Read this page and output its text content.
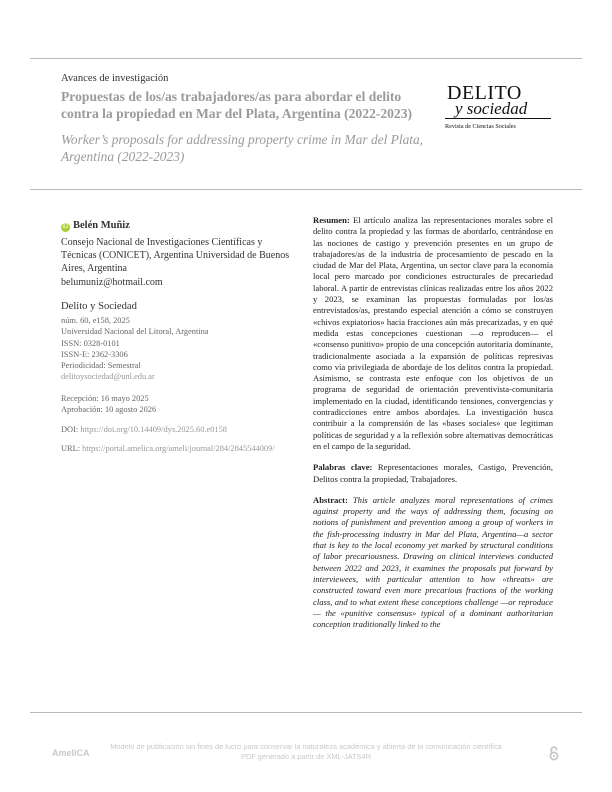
Avances de investigación
Propuestas de los/as trabajadores/as para abordar el delito contra la propiedad en Mar del Plata, Argentina (2022-2023)
Worker’s proposals for addressing property crime in Mar del Plata, Argentina (2022-2023)
DELITO
y sociedad
Revista de Ciencias Sociales
iD Belén Muñiz
Consejo Nacional de Investigaciones Científicas y Técnicas (CONICET), Argentina Universidad de Buenos Aires, Argentina
belumuniz@hotmail.com
Delito y Sociedad
núm. 60, e158, 2025
Universidad Nacional del Litoral, Argentina
ISSN: 0328-0101
ISSN-E: 2362-3306
Periodicidad: Semestral
delitoysociedad@unl.edu.ar
Recepción: 16 mayo 2025
Aprobación: 10 agosto 2026
DOI: https://doi.org/10.14409/dys.2025.60.e0158
URL: https://portal.amelica.org/ameli/journal/284/2845544009/

Resumen: El artículo analiza las representaciones morales sobre el delito contra la propiedad y las formas de abordarlo, centrándose en las nociones de castigo y prevención presentes en un grupo de trabajadores/as de la industria de procesamiento de pescado en la ciudad de Mar del Plata, Argentina, un sector clave para la economía local pero marcado por condiciones estructurales de precariedad laboral. A partir de entrevistas clínicas realizadas entre los años 2022 y 2023, se examinan las propuestas formuladas por los/as entrevistados/as, prestando especial atención a cómo se construyen «chivos expiatorios» hacia fracciones aún más precarizadas, y en qué medida estas concepciones cuestionan —o reproducen— el «consenso punitivo» propio de una concepción autoritaria dominante, tradicionalmente asociada a la expansión de políticas represivas como vía privilegiada de abordaje de los delitos contra la propiedad. Asimismo, se contrasta este enfoque con los objetivos de un programa de seguridad de orientación preventivista-comunitaria implementado en la ciudad, identificando tensiones, convergencias y contradicciones entre ambos abordajes. La investigación busca contribuir a la comprensión de las «bases sociales» que legitiman políticas de seguridad y a la reflexión sobre alternativas democráticas en el campo de la seguridad.

Palabras clave: Representaciones morales, Castigo, Prevención, Delitos contra la propiedad, Trabajadores.

Abstract: This article analyzes moral representations of crimes against property and the ways of addressing them, focusing on notions of punishment and prevention among a group of workers in the fish-processing industry in Mar del Plata, Argentina—a sector that is key to the local economy yet marked by structural conditions of labor precariousness. Drawing on clinical interviews conducted between 2022 and 2023, it examines the proposals put forward by interviewees, with particular attention to how «threats» are constructed toward even more precarious fractions of the working class, and to what extent these conceptions challenge —or reproduce— the «punitive consensus» typical of a dominant authoritarian conception traditionally linked to the

AmeliCA
Modelo de publicación sin fines de lucro para conservar la naturaleza académica y abierta de la comunicación científica
PDF generado a partir de XML-JATS4R
